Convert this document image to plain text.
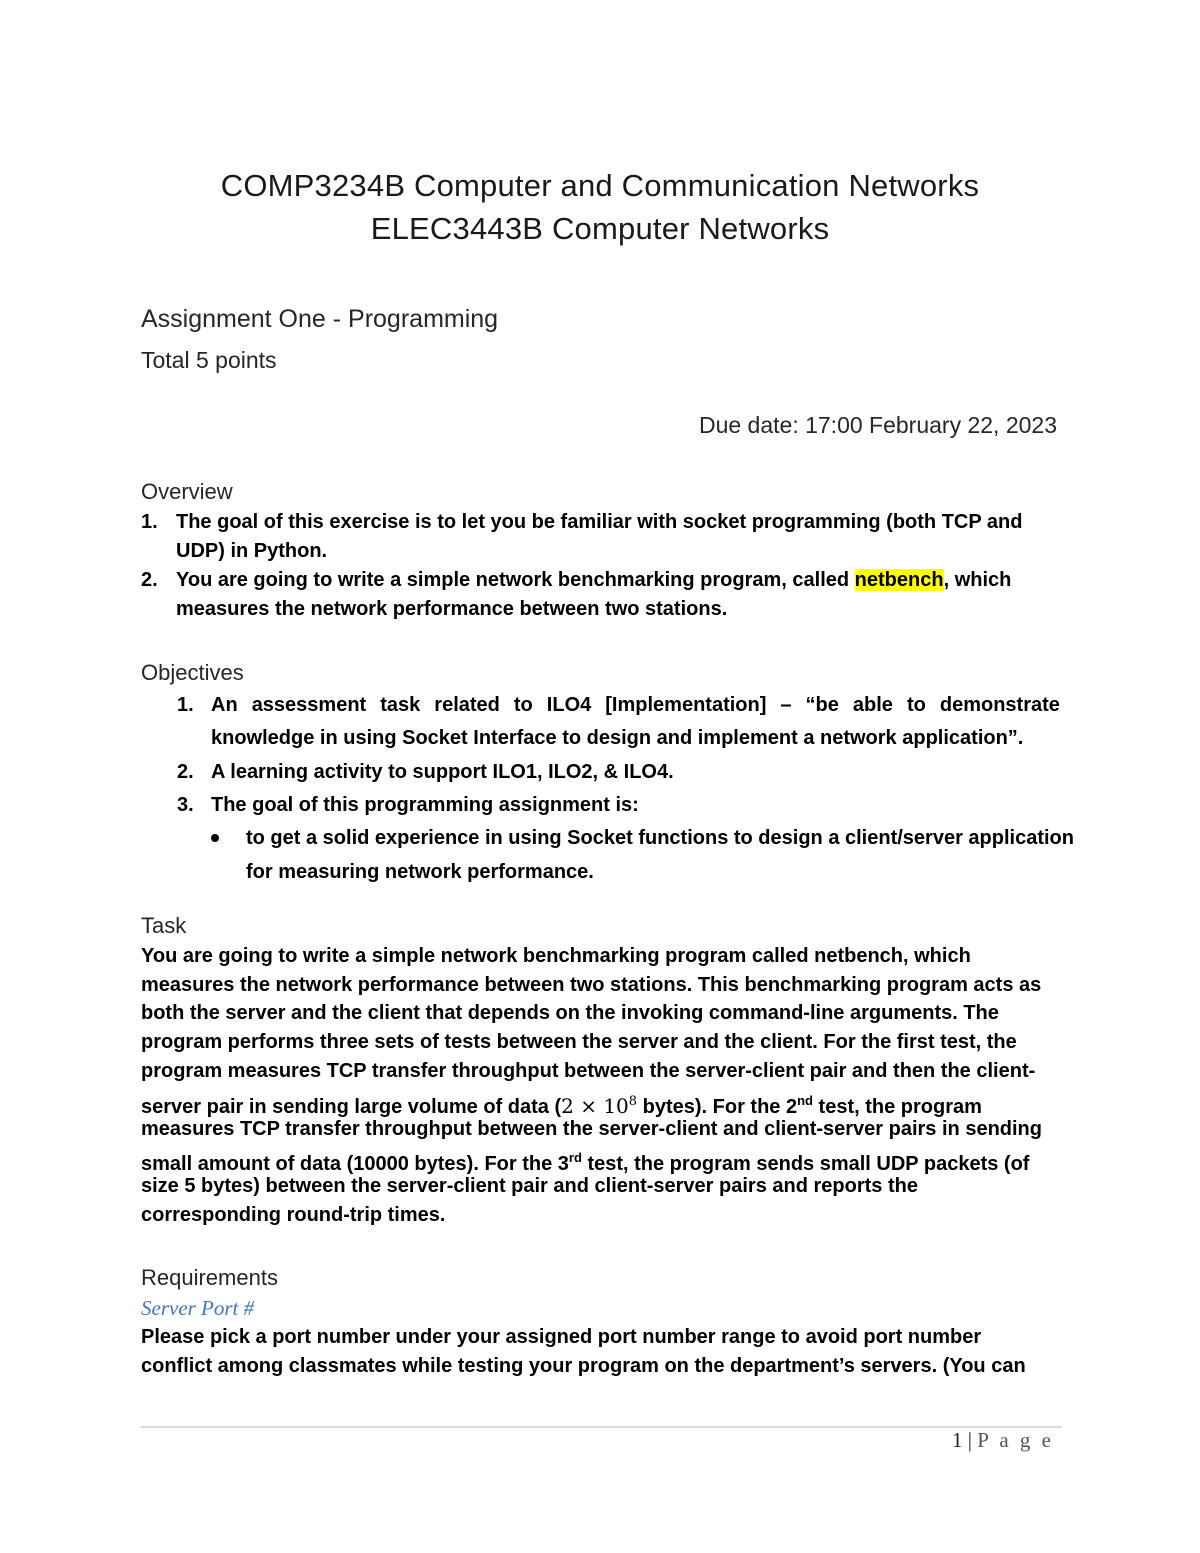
COMP3234B Computer and Communication Networks
ELEC3443B Computer Networks
Assignment One - Programming
Total 5 points
Due date: 17:00 February 22, 2023
Overview
1. The goal of this exercise is to let you be familiar with socket programming (both TCP and
UDP) in Python.
2. You are going to write a simple network benchmarking program, called netbench, which
measures the network performance between two stations.
Objectives
1. An assessment task related to ILO4 [Implementation] – “be able to demonstrate
knowledge in using Socket Interface to design and implement a network application”.
2. A learning activity to support ILO1, ILO2, & ILO4.
3. The goal of this programming assignment is:
to get a solid experience in using Socket functions to design a client/server application
for measuring network performance.
Task
You are going to write a simple network benchmarking program called netbench, which
measures the network performance between two stations. This benchmarking program acts as
both the server and the client that depends on the invoking command-line arguments. The
program performs three sets of tests between the server and the client. For the first test, the
program measures TCP transfer throughput between the server-client pair and then the client-
server pair in sending large volume of data ($2 \times 10^8$ bytes). For the 2nd test, the program
measures TCP transfer throughput between the server-client and client-server pairs in sending
small amount of data (10000 bytes). For the 3rd test, the program sends small UDP packets (of
size 5 bytes) between the server-client pair and client-server pairs and reports the
corresponding round-trip times.
Requirements
Server Port #
Please pick a port number under your assigned port number range to avoid port number
conflict among classmates while testing your program on the department’s servers. (You can
1 | P a g e
